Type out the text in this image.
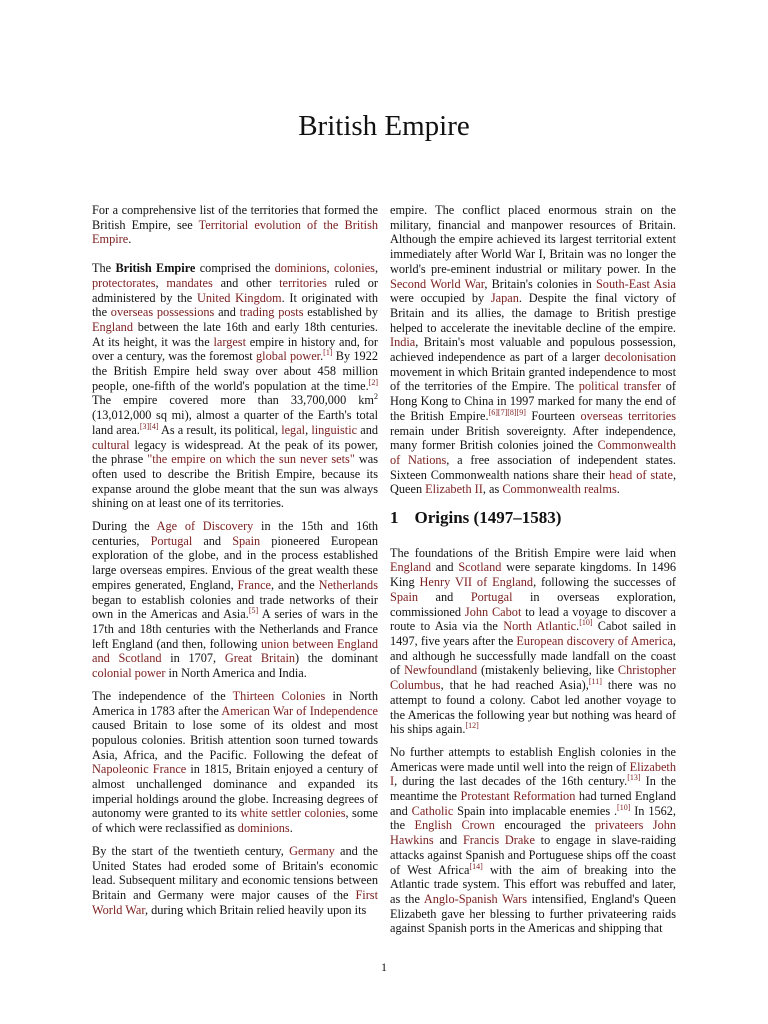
British Empire

For a comprehensive list of the territories that formed the British Empire, see Territorial evolution of the British Empire.

The British Empire comprised the dominions, colonies, protectorates, mandates and other territories ruled or administered by the United Kingdom. It originated with the overseas possessions and trading posts established by England between the late 16th and early 18th centuries. At its height, it was the largest empire in history and, for over a century, was the foremost global power.[1] By 1922 the British Empire held sway over about 458 million people, one-fifth of the world's population at the time.[2] The empire covered more than 33,700,000 $km^2$ (13,012,000 sq mi), almost a quarter of the Earth's total land area.[3][4] As a result, its political, legal, linguistic and cultural legacy is widespread. At the peak of its power, the phrase "the empire on which the sun never sets" was often used to describe the British Empire, because its expanse around the globe meant that the sun was always shining on at least one of its territories.

During the Age of Discovery in the 15th and 16th centuries, Portugal and Spain pioneered European exploration of the globe, and in the process established large overseas empires. Envious of the great wealth these empires generated, England, France, and the Netherlands began to establish colonies and trade networks of their own in the Americas and Asia.[5] A series of wars in the 17th and 18th centuries with the Netherlands and France left England (and then, following union between England and Scotland in 1707, Great Britain) the dominant colonial power in North America and India.

The independence of the Thirteen Colonies in North America in 1783 after the American War of Independence caused Britain to lose some of its oldest and most populous colonies. British attention soon turned towards Asia, Africa, and the Pacific. Following the defeat of Napoleonic France in 1815, Britain enjoyed a century of almost unchallenged dominance and expanded its imperial holdings around the globe. Increasing degrees of autonomy were granted to its white settler colonies, some of which were reclassified as dominions.

By the start of the twentieth century, Germany and the United States had eroded some of Britain's economic lead. Subsequent military and economic tensions between Britain and Germany were major causes of the First World War, during which Britain relied heavily upon its

empire. The conflict placed enormous strain on the military, financial and manpower resources of Britain. Although the empire achieved its largest territorial extent immediately after World War I, Britain was no longer the world's pre-eminent industrial or military power. In the Second World War, Britain's colonies in South-East Asia were occupied by Japan. Despite the final victory of Britain and its allies, the damage to British prestige helped to accelerate the inevitable decline of the empire. India, Britain's most valuable and populous possession, achieved independence as part of a larger decolonisation movement in which Britain granted independence to most of the territories of the Empire. The political transfer of Hong Kong to China in 1997 marked for many the end of the British Empire.[6][7][8][9] Fourteen overseas territories remain under British sovereignty. After independence, many former British colonies joined the Commonwealth of Nations, a free association of independent states. Sixteen Commonwealth nations share their head of state, Queen Elizabeth II, as Commonwealth realms.

1 Origins (1497–1583)

The foundations of the British Empire were laid when England and Scotland were separate kingdoms. In 1496 King Henry VII of England, following the successes of Spain and Portugal in overseas exploration, commissioned John Cabot to lead a voyage to discover a route to Asia via the North Atlantic.[10] Cabot sailed in 1497, five years after the European discovery of America, and although he successfully made landfall on the coast of Newfoundland (mistakenly believing, like Christopher Columbus, that he had reached Asia),[11] there was no attempt to found a colony. Cabot led another voyage to the Americas the following year but nothing was heard of his ships again.[12]

No further attempts to establish English colonies in the Americas were made until well into the reign of Elizabeth I, during the last decades of the 16th century.[13] In the meantime the Protestant Reformation had turned England and Catholic Spain into implacable enemies .[10] In 1562, the English Crown encouraged the privateers John Hawkins and Francis Drake to engage in slave-raiding attacks against Spanish and Portuguese ships off the coast of West Africa[14] with the aim of breaking into the Atlantic trade system. This effort was rebuffed and later, as the Anglo-Spanish Wars intensified, England's Queen Elizabeth gave her blessing to further privateering raids against Spanish ports in the Americas and shipping that

1
